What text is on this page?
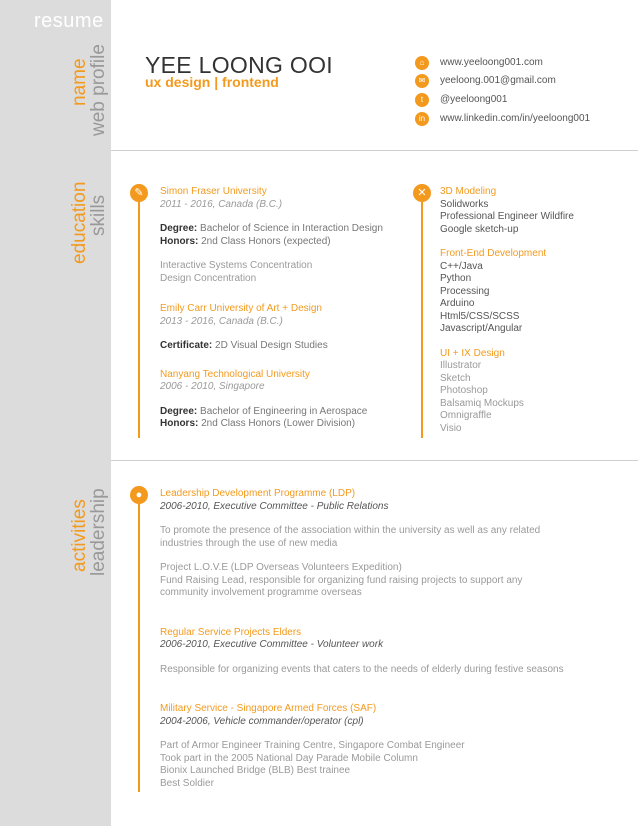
resume
name
web profile
education
skills
activities
leadership
YEE LOONG OOI
ux design | frontend
⌂	www.yeeloong001.com
✉	yeeloong.001@gmail.com
t	@yeeloong001
in	www.linkedin.com/in/yeeloong001
✎	Simon Fraser University
2011 - 2016, Canada (B.C.)
Degree: Bachelor of Science in Interaction Design
Honors: 2nd Class Honors (expected)
Interactive Systems Concentration
Design Concentration
Emily Carr University of Art + Design
2013 - 2016, Canada (B.C.)
Certificate: 2D Visual Design Studies
Nanyang Technological University
2006 - 2010, Singapore
Degree: Bachelor of Engineering in Aerospace
Honors: 2nd Class Honors (Lower Division)
✕	3D Modeling
Solidworks
Professional Engineer Wildfire
Google sketch-up
Front-End Development
C++/Java
Python
Processing
Arduino
Html5/CSS/SCSS
Javascript/Angular
UI + IX Design
Illustrator
Sketch
Photoshop
Balsamiq Mockups
Omnigraffle
Visio
●	Leadership Development Programme (LDP)
2006-2010, Executive Committee - Public Relations
To promote the presence of the association within the university as well as any related
industries through the use of new media
Project L.O.V.E (LDP Overseas Volunteers Expedition)
Fund Raising Lead, responsible for organizing fund raising projects to support any
community involvement programme overseas
Regular Service Projects Elders
2006-2010, Executive Committee - Volunteer work
Responsible for organizing events that caters to the needs of elderly during festive seasons
Military Service - Singapore Armed Forces (SAF)
2004-2006, Vehicle commander/operator (cpl)
Part of Armor Engineer Training Centre, Singapore Combat Engineer
Took part in the 2005 National Day Parade Mobile Column
Bionix Launched Bridge (BLB) Best trainee
Best Soldier
